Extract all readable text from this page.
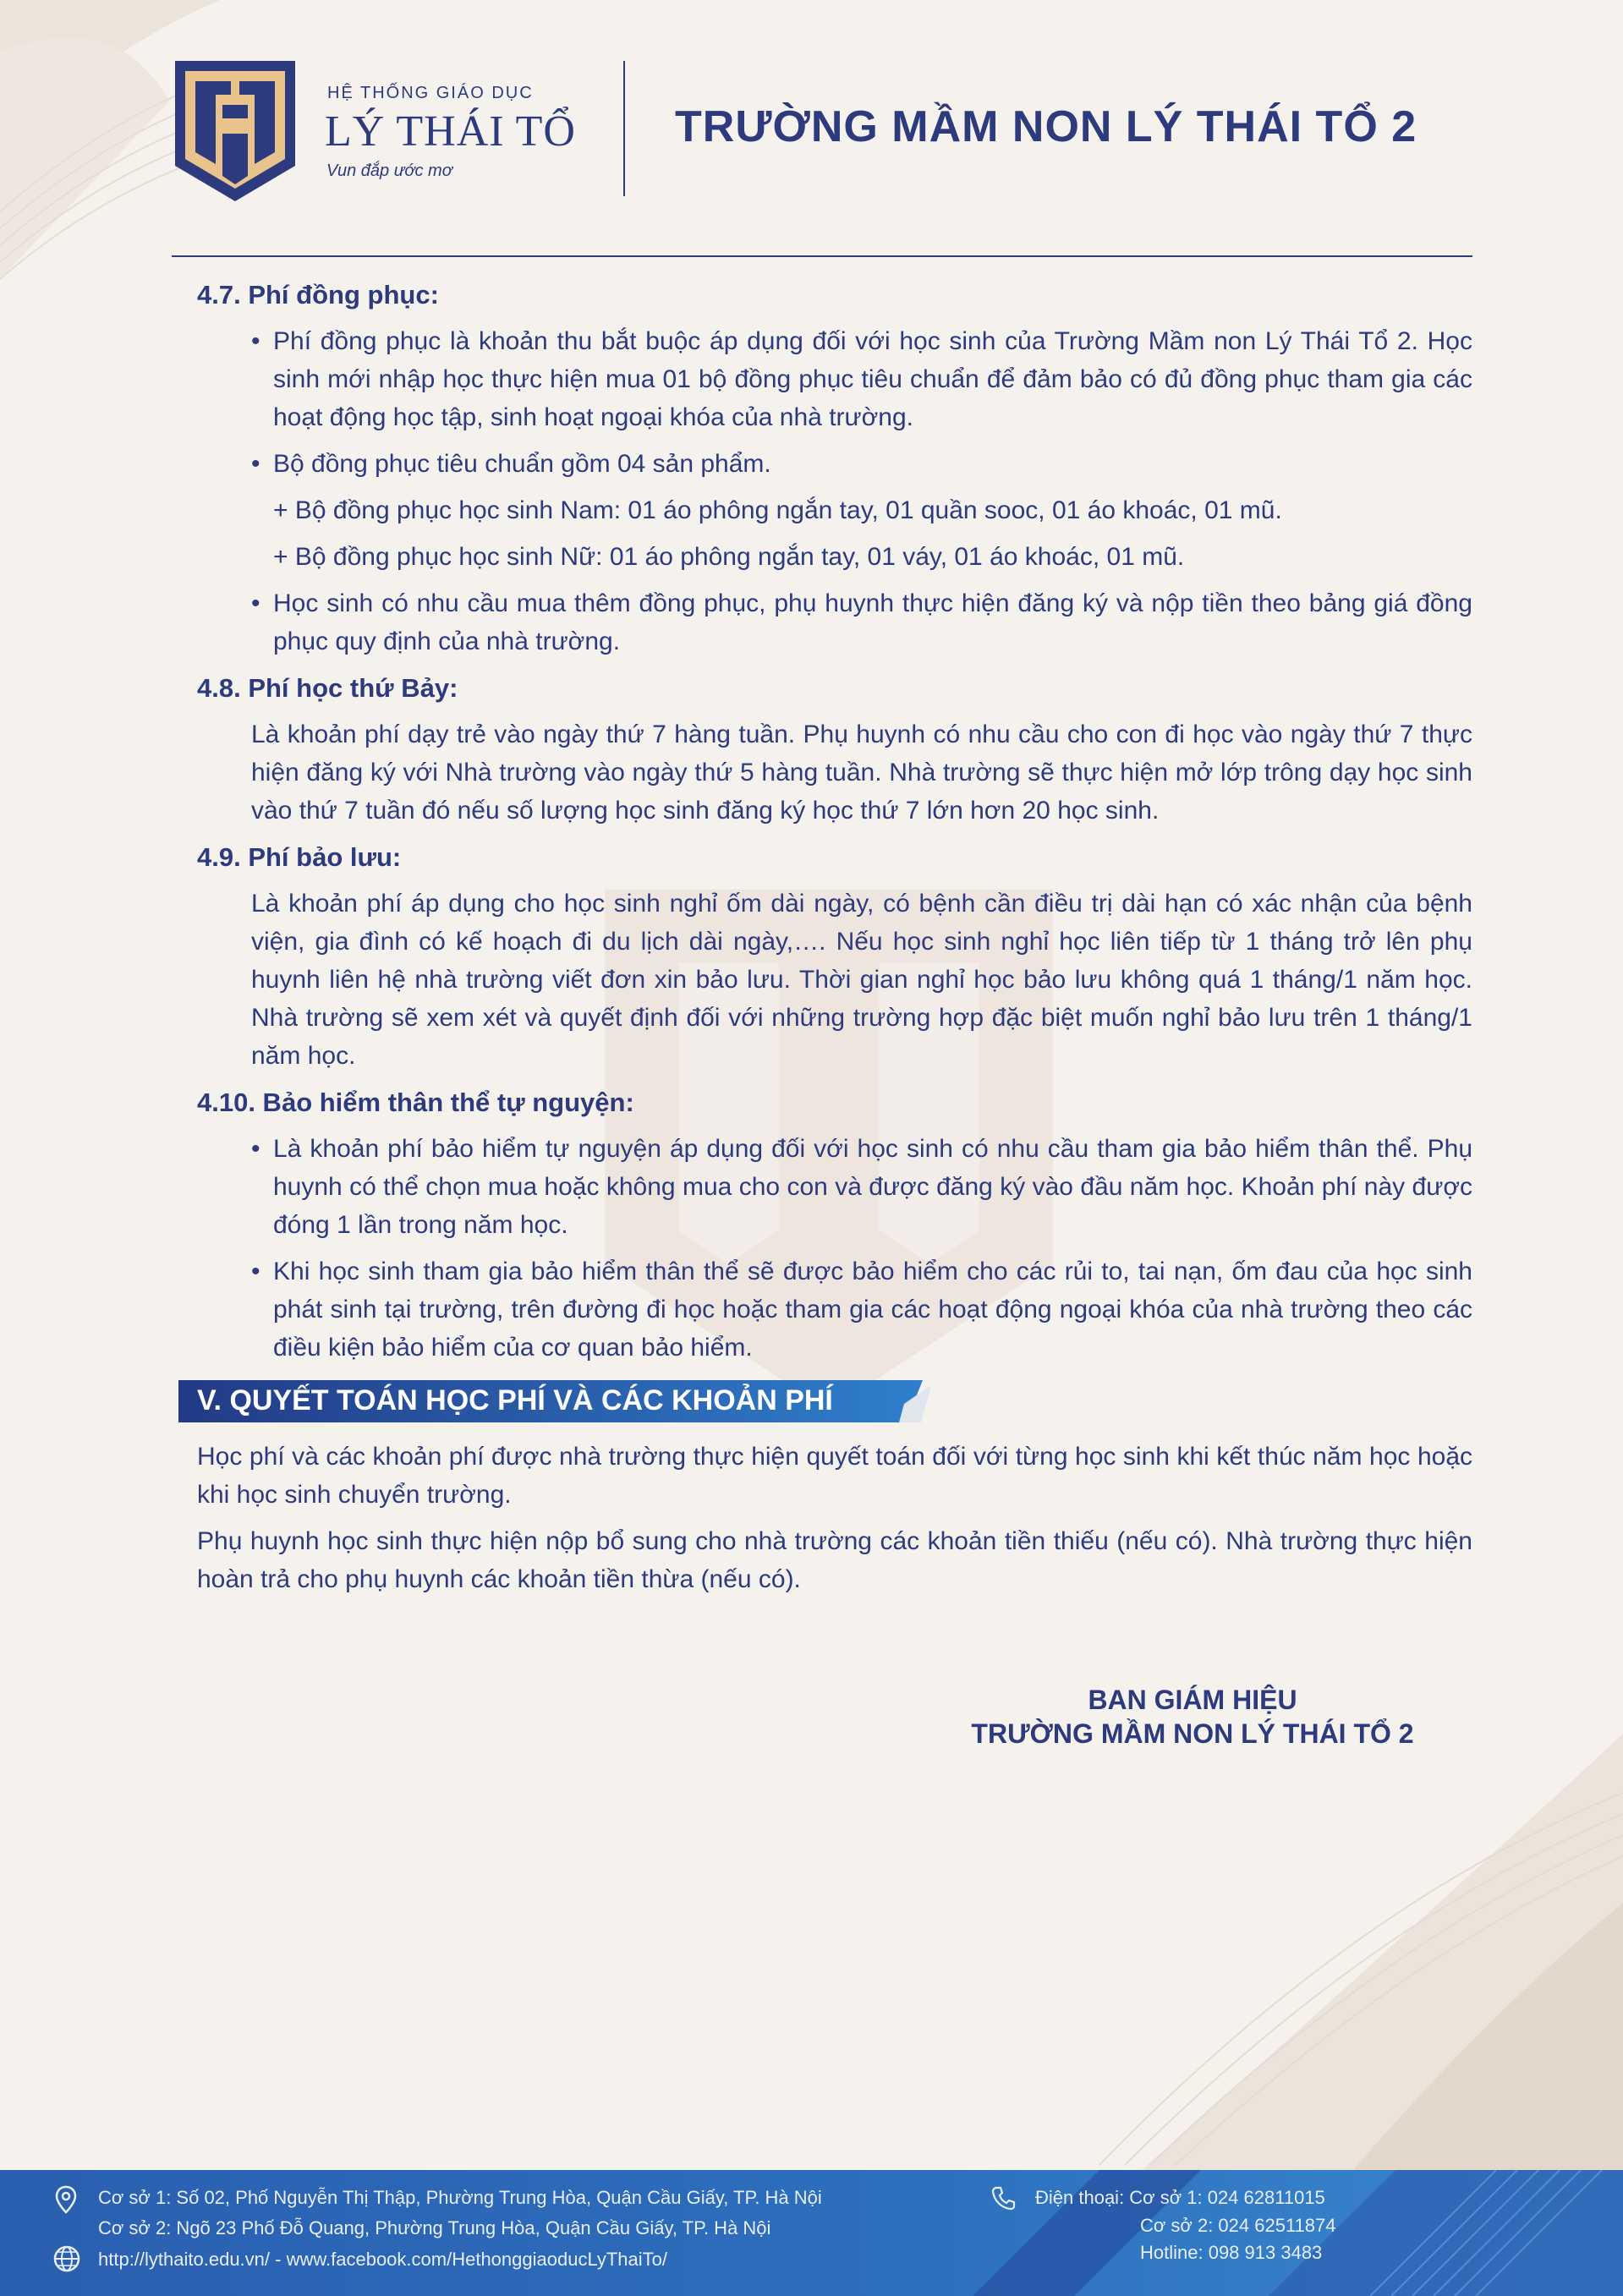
HỆ THỐNG GIÁO DỤC
LÝ THÁI TỔ
Vun đắp ước mơ
TRƯỜNG MẦM NON LÝ THÁI TỔ 2
4.7. Phí đồng phục:
• Phí đồng phục là khoản thu bắt buộc áp dụng đối với học sinh của Trường Mầm non Lý Thái Tổ 2. Học sinh mới nhập học thực hiện mua 01 bộ đồng phục tiêu chuẩn để đảm bảo có đủ đồng phục tham gia các hoạt động học tập, sinh hoạt ngoại khóa của nhà trường.
• Bộ đồng phục tiêu chuẩn gồm 04 sản phẩm.
+ Bộ đồng phục học sinh Nam: 01 áo phông ngắn tay, 01 quần sooc, 01 áo khoác, 01 mũ.
+ Bộ đồng phục học sinh Nữ: 01 áo phông ngắn tay, 01 váy, 01 áo khoác, 01 mũ.
• Học sinh có nhu cầu mua thêm đồng phục, phụ huynh thực hiện đăng ký và nộp tiền theo bảng giá đồng phục quy định của nhà trường.
4.8. Phí học thứ Bảy:
Là khoản phí dạy trẻ vào ngày thứ 7 hàng tuần. Phụ huynh có nhu cầu cho con đi học vào ngày thứ 7 thực hiện đăng ký với Nhà trường vào ngày thứ 5 hàng tuần. Nhà trường sẽ thực hiện mở lớp trông dạy học sinh vào thứ 7 tuần đó nếu số lượng học sinh đăng ký học thứ 7 lớn hơn 20 học sinh.
4.9. Phí bảo lưu:
Là khoản phí áp dụng cho học sinh nghỉ ốm dài ngày, có bệnh cần điều trị dài hạn có xác nhận của bệnh viện, gia đình có kế hoạch đi du lịch dài ngày,…. Nếu học sinh nghỉ học liên tiếp từ 1 tháng trở lên phụ huynh liên hệ nhà trường viết đơn xin bảo lưu. Thời gian nghỉ học bảo lưu không quá 1 tháng/1 năm học. Nhà trường sẽ xem xét và quyết định đối với những trường hợp đặc biệt muốn nghỉ bảo lưu trên 1 tháng/1 năm học.
4.10. Bảo hiểm thân thể tự nguyện:
• Là khoản phí bảo hiểm tự nguyện áp dụng đối với học sinh có nhu cầu tham gia bảo hiểm thân thể. Phụ huynh có thể chọn mua hoặc không mua cho con và được đăng ký vào đầu năm học. Khoản phí này được đóng 1 lần trong năm học.
• Khi học sinh tham gia bảo hiểm thân thể sẽ được bảo hiểm cho các rủi to, tai nạn, ốm đau của học sinh phát sinh tại trường, trên đường đi học hoặc tham gia các hoạt động ngoại khóa của nhà trường theo các điều kiện bảo hiểm của cơ quan bảo hiểm.
V. QUYẾT TOÁN HỌC PHÍ VÀ CÁC KHOẢN PHÍ
Học phí và các khoản phí được nhà trường thực hiện quyết toán đối với từng học sinh khi kết thúc năm học hoặc khi học sinh chuyển trường.
Phụ huynh học sinh thực hiện nộp bổ sung cho nhà trường các khoản tiền thiếu (nếu có). Nhà trường thực hiện hoàn trả cho phụ huynh các khoản tiền thừa (nếu có).
BAN GIÁM HIỆU
TRƯỜNG MẦM NON LÝ THÁI TỔ 2
Cơ sở 1: Số 02, Phố Nguyễn Thị Thập, Phường Trung Hòa, Quận Cầu Giấy, TP. Hà Nội
Cơ sở 2: Ngõ 23 Phố Đỗ Quang, Phường Trung Hòa, Quận Cầu Giấy, TP. Hà Nội
http://lythaito.edu.vn/ - www.facebook.com/HethonggiaoducLyThaiTo/
Điện thoại: Cơ sở 1: 024 62811015
Cơ sở 2: 024 62511874
Hotline: 098 913 3483
